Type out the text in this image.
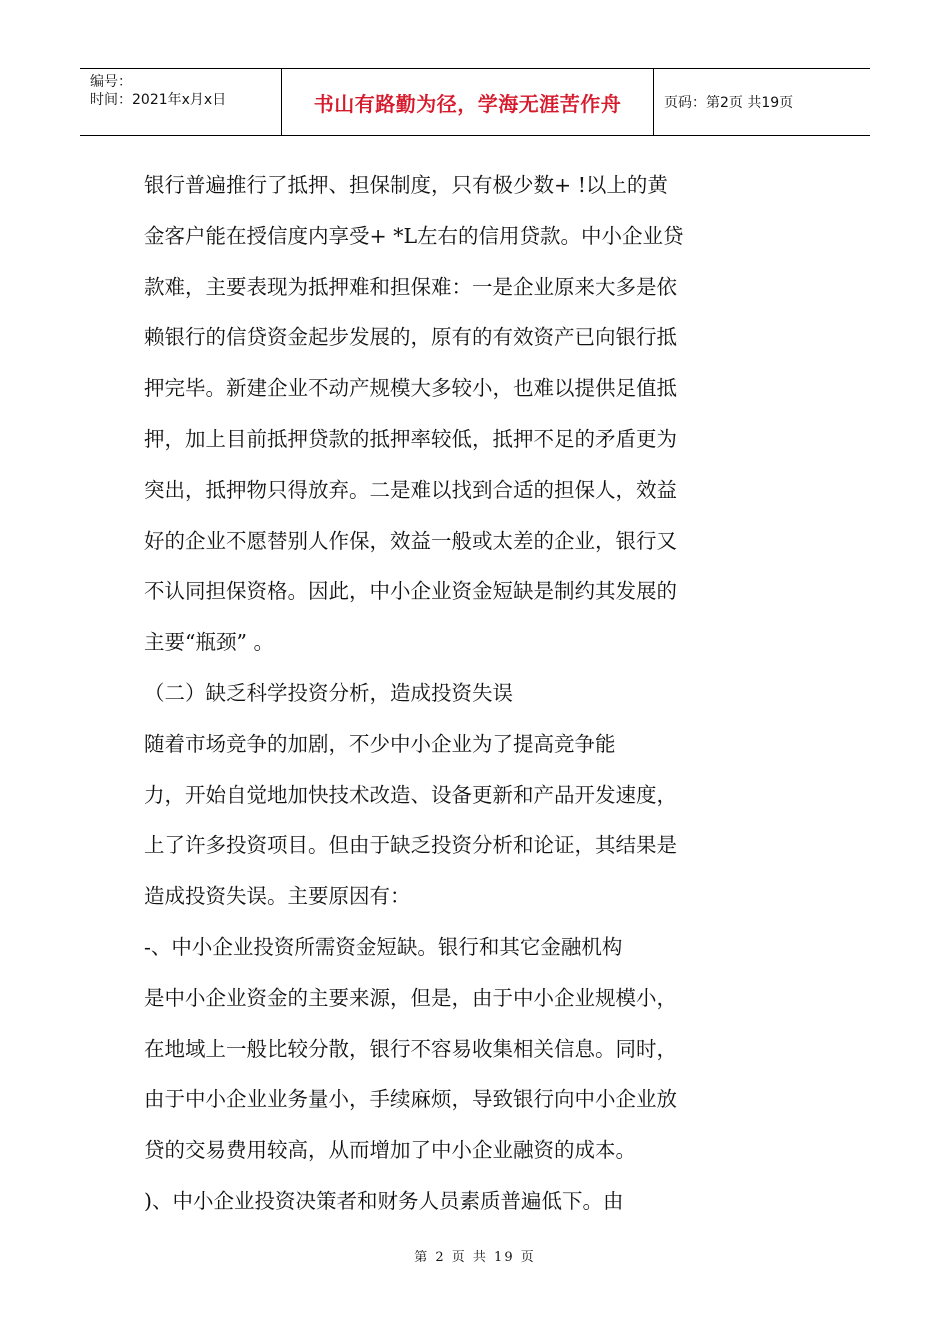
编号：
时间：2021年x月x日	书山有路勤为径，学海无涯苦作舟	页码：第2页 共19页

银行普遍推行了抵押、担保制度，只有极少数+ !以上的黄

金客户能在授信度内享受+ *L左右的信用贷款。中小企业贷

款难，主要表现为抵押难和担保难：一是企业原来大多是依

赖银行的信贷资金起步发展的，原有的有效资产已向银行抵

押完毕。新建企业不动产规模大多较小，也难以提供足值抵

押，加上目前抵押贷款的抵押率较低，抵押不足的矛盾更为

突出，抵押物只得放弃。二是难以找到合适的担保人，效益

好的企业不愿替别人作保，效益一般或太差的企业，银行又

不认同担保资格。因此，中小企业资金短缺是制约其发展的

主要“瓶颈” 。

（二）缺乏科学投资分析，造成投资失误

随着市场竞争的加剧，不少中小企业为了提高竞争能

力，开始自觉地加快技术改造、设备更新和产品开发速度，

上了许多投资项目。但由于缺乏投资分析和论证，其结果是

造成投资失误。主要原因有：

-、中小企业投资所需资金短缺。银行和其它金融机构

是中小企业资金的主要来源，但是，由于中小企业规模小，

在地域上一般比较分散，银行不容易收集相关信息。同时，

由于中小企业业务量小，手续麻烦，导致银行向中小企业放

贷的交易费用较高，从而增加了中小企业融资的成本。

)、中小企业投资决策者和财务人员素质普遍低下。由

第 2 页 共 19 页
